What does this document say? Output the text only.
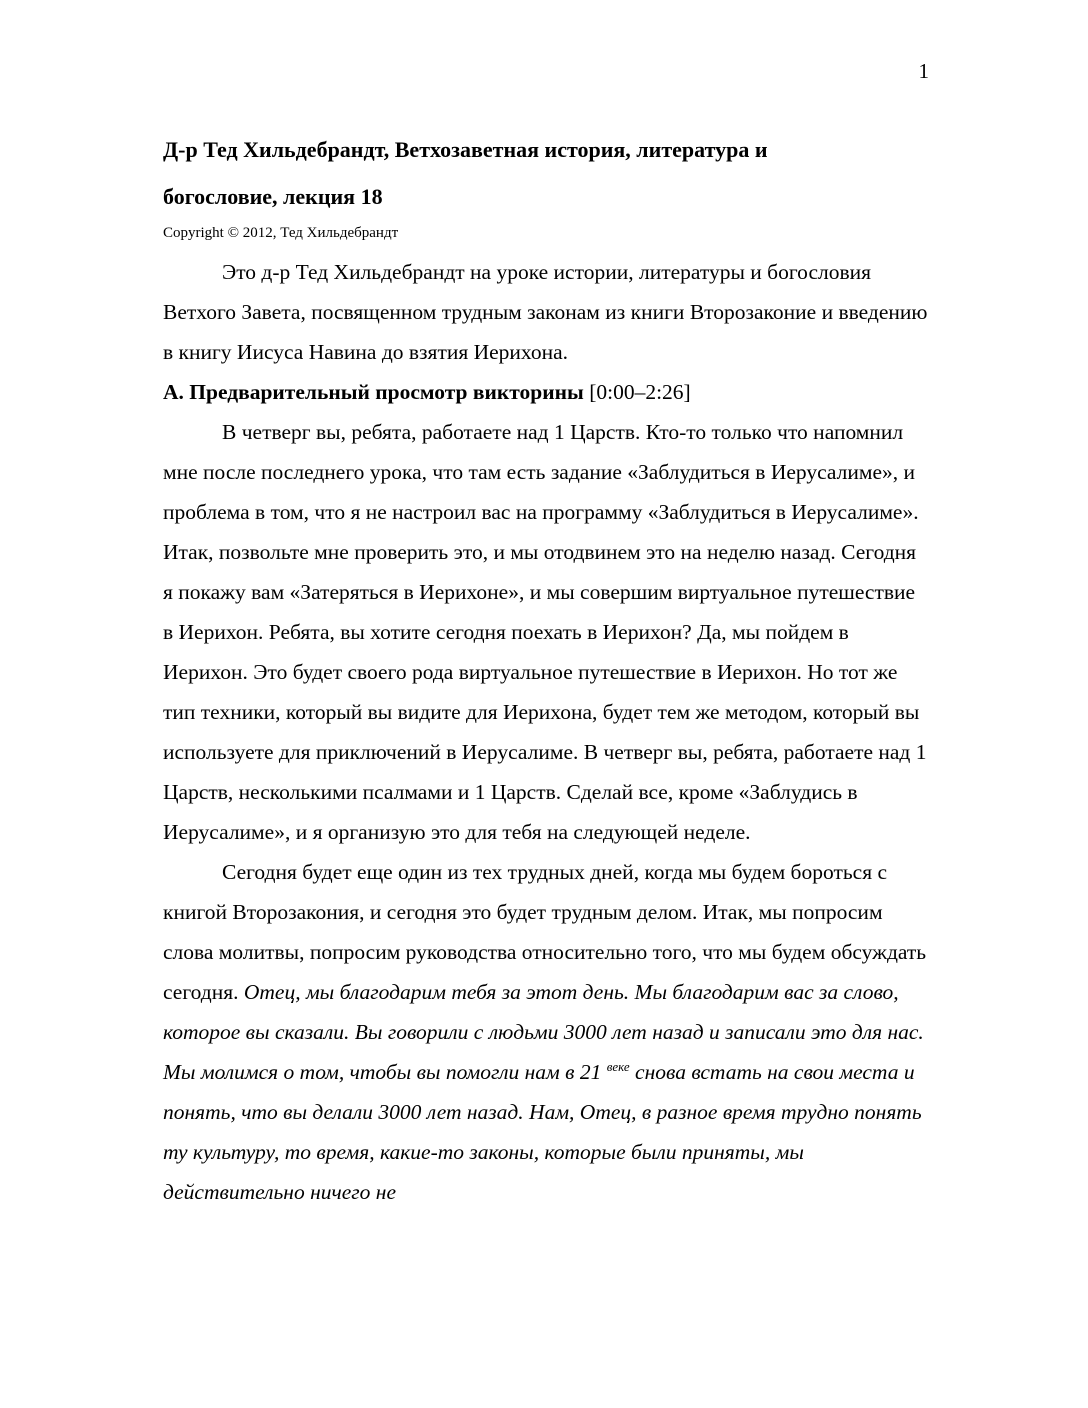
1
Д-р Тед Хильдебрандт, Ветхозаветная история, литература и богословие, лекция 18
Copyright © 2012, Тед Хильдебрандт

Это д-р Тед Хильдебрандт на уроке истории, литературы и богословия Ветхого Завета, посвященном трудным законам из книги Второзаконие и введению в книгу Иисуса Навина до взятия Иерихона.

А. Предварительный просмотр викторины [0:00–2:26]

В четверг вы, ребята, работаете над 1 Царств. Кто-то только что напомнил мне после последнего урока, что там есть задание «Заблудиться в Иерусалиме», и проблема в том, что я не настроил вас на программу «Заблудиться в Иерусалиме». Итак, позвольте мне проверить это, и мы отодвинем это на неделю назад. Сегодня я покажу вам «Затеряться в Иерихоне», и мы совершим виртуальное путешествие в Иерихон. Ребята, вы хотите сегодня поехать в Иерихон? Да, мы пойдем в Иерихон. Это будет своего рода виртуальное путешествие в Иерихон. Но тот же тип техники, который вы видите для Иерихона, будет тем же методом, который вы используете для приключений в Иерусалиме. В четверг вы, ребята, работаете над 1 Царств, несколькими псалмами и 1 Царств. Сделай все, кроме «Заблудись в Иерусалиме», и я организую это для тебя на следующей неделе.

Сегодня будет еще один из тех трудных дней, когда мы будем бороться с книгой Второзакония, и сегодня это будет трудным делом. Итак, мы попросим слова молитвы, попросим руководства относительно того, что мы будем обсуждать сегодня. Отец, мы благодарим тебя за этот день. Мы благодарим вас за слово, которое вы сказали. Вы говорили с людьми 3000 лет назад и записали это для нас. Мы молимся о том, чтобы вы помогли нам в 21 $^{веке}$ снова встать на свои места и понять, что вы делали 3000 лет назад. Нам, Отец, в разное время трудно понять ту культуру, то время, какие-то законы, которые были приняты, мы действительно ничего не
